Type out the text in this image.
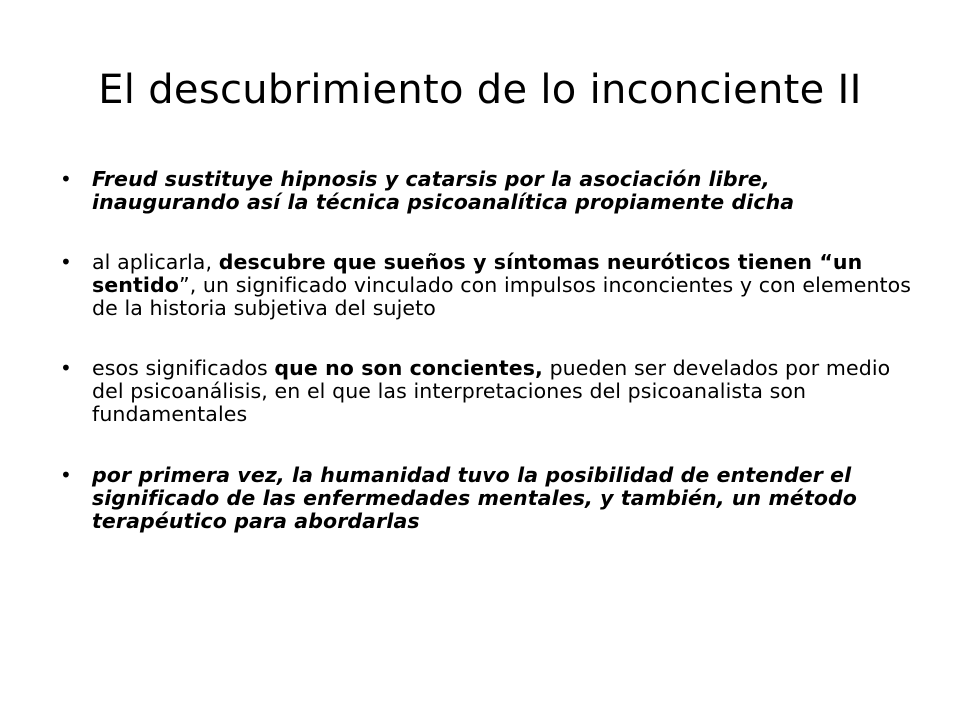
El descubrimiento de lo inconciente II
• Freud sustituye hipnosis y catarsis por la asociación libre, inaugurando así la técnica psicoanalítica propiamente dicha
• al aplicarla, descubre que sueños y síntomas neuróticos tienen “un sentido”, un significado vinculado con impulsos inconcientes y con elementos de la historia subjetiva del sujeto
• esos significados que no son concientes, pueden ser develados por medio del psicoanálisis, en el que las interpretaciones del psicoanalista son fundamentales
• por primera vez, la humanidad tuvo la posibilidad de entender el significado de las enfermedades mentales, y también, un método terapéutico para abordarlas
